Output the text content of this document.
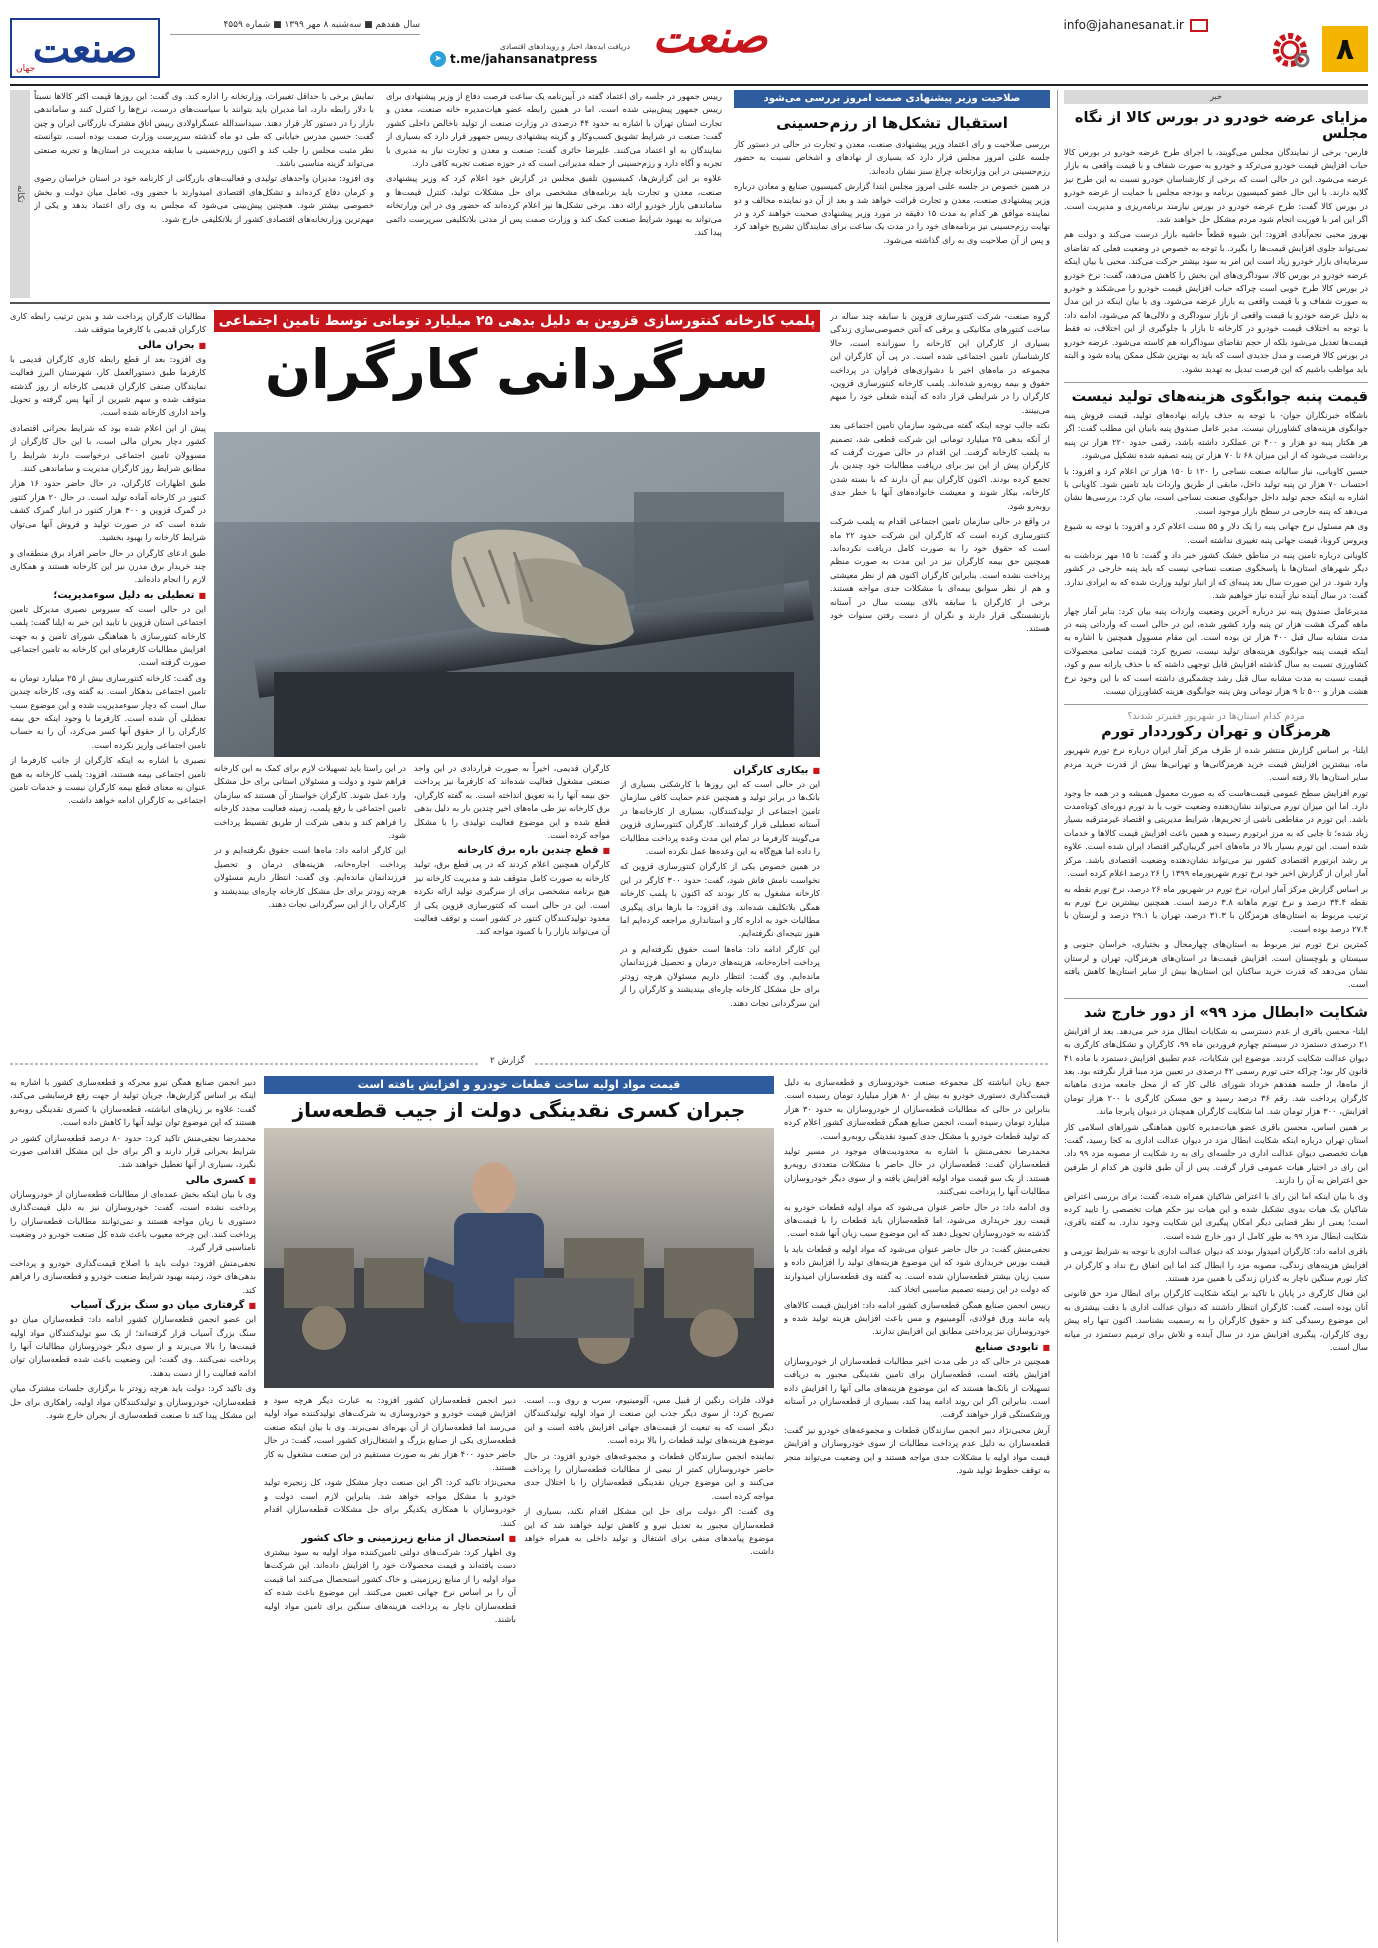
۸
info@jahanesanat.ir
صنعت
دریافت ایده‌ها، اخبار و رویدادهای اقتصادی
t.me/jahansanatpress
➤
سال هفدهم ■ سه‌شنبه ۸ مهر ۱۳۹۹ ■ شماره ۴۵۵۹
صنعت
جهان
خبر
مزایای عرضه خودرو در بورس کالا از نگاه مجلس

فارس- برخی از نمایندگان مجلس می‌گویند، با اجرای طرح عرضه خودرو در بورس کالا حباب افزایش قیمت خودرو می‌ترکد و خودرو به صورت شفاف و با قیمت واقعی به بازار عرضه می‌شود. این در حالی است که برخی از کارشناسان خودرو نسبت به این طرح نیز گلایه دارند. با این حال عضو کمیسیون برنامه و بودجه مجلس با حمایت از عرضه خودرو در بورس کالا گفت: طرح عرضه خودرو در بورس نیازمند برنامه‌ریزی و مدیریت است. اگر این امر با فوریت انجام شود مردم مشکل حل خواهند شد.

بهروز محبی نجم‌آبادی افزود: این شیوه قطعاً حاشیه بازار درست می‌کند و دولت هم نمی‌تواند جلوی افزایش قیمت‌ها را بگیرد. با توجه به خصوص در وضعیت فعلی که تقاضای سرمایه‌ای بازار خودرو زیاد است این امر به سود بیشتر حرکت می‌کند. محبی با بیان اینکه عرضه خودرو در بورس کالا، سوداگری‌های این بخش را کاهش می‌دهد، گفت: نرخ خودرو در بورس کالا طرح خوبی است چراکه حباب افزایش قیمت خودرو را می‌شکند و خودرو به صورت شفاف و با قیمت واقعی به بازار عرضه می‌شود. وی با بیان اینکه در این مدل به دلیل عرضه خودرو با قیمت واقعی از بازار سوداگری و دلالی‌ها کم می‌شود، ادامه داد: با توجه به اختلاف قیمت خودرو در کارخانه تا بازار با جلوگیری از این اختلاف، نه فقط قیمت‌ها تعدیل می‌شود بلکه از حجم تقاضای سوداگرانه هم کاسته می‌شود. عرضه خودرو در بورس کالا فرصت و مدل جدیدی است که باید به بهترین شکل ممکن پیاده شود و البته باید مواظب باشیم که این فرصت تبدیل به تهدید نشود.

قیمت پنبه جوابگوی هزینه‌های تولید نیست

باشگاه خبرنگاران جوان- با توجه به حذف یارانه نهاده‌های تولید، قیمت فروش پنبه جوابگوی هزینه‌های کشاورزان نیست. مدیر عامل صندوق پنبه بابیان این مطلب گفت: اگر هر هکتار پنبه دو هزار و ۴۰۰ تن عملکرد داشته باشد، رقمی حدود ۲۲۰ هزار تن پنبه برداشت می‌شود که از این میزان ۶۸ تا ۷۰ هزار تن پنبه تصفیه شده تشکیل می‌شود.

حسین کاویانی، نیاز سالیانه صنعت نساجی را ۱۲۰ تا ۱۵۰ هزار تن اعلام کرد و افزود: با احتساب ۷۰ هزار تن پنبه تولید داخل، مابقی از طریق واردات باید تامین شود. کاویانی با اشاره به اینکه حجم تولید داخل جوابگوی صنعت نساجی است، بیان کرد: بررسی‌ها نشان می‌دهد که پنبه خارجی در سطح بازار موجود است.

وی هم مسئول نرخ جهانی پنبه را یک دلار و ۵۵ سنت اعلام کرد و افزود: با توجه به شیوع ویروس کرونا، قیمت جهانی پنبه تغییری نداشته است.

کاویانی درباره تامین پنبه در مناطق خشک کشور خبر داد و گفت: تا ۱۵ مهر برداشت به دیگر شهرهای استان‌ها با پاسخگوی صنعت نساجی نیست که باید پنبه خارجی در کشور وارد شود. در این صورت سال بعد پنبه‌ای که از انبار تولید وزارت شده که به ایرادی ندارد. گفت: در سال آینده نیاز آینده نیاز خواهیم شد.

مدیرعامل صندوق پنبه نیز درباره آخرین وضعیت واردات پنبه بیان کرد: بنابر آمار چهار ماهه گمرک هشت هزار تن پنبه وارد کشور شده، این در حالی است که وارداتی پنبه در مدت مشابه سال قبل ۴۰۰ هزار تن بوده است. این مقام مسوول همچنین با اشاره به اینکه قیمت پنبه جوابگوی هزینه‌های تولید نیست، تصریح کرد: قیمت تمامی محصولات کشاورزی نسبت به سال گذشته افزایش قابل توجهی داشته که با حذف یارانه سم و کود، قیمت نسبت به مدت مشابه سال قبل رشد چشمگیری داشته است که با این وجود نرخ هشت هزار و ۵۰۰ تا ۹ هزار تومانی وش پنبه جوابگوی هزینه کشاورزان نیست.

مردم کدام استان‌ها در شهریور فقیرتر شدند؟
هرمزگان و تهران رکورددار تورم

ایلنا- بر اساس گزارش منتشر شده از طرف مرکز آمار ایران درباره نرخ تورم شهریور ماه، بیشترین افزایش قیمت خرید هرمزگانی‌ها و تهرانی‌ها بیش از قدرت خرید مردم سایر استان‌ها بالا رفته است.

تورم افزایش سطح عمومی قیمت‌هاست که به صورت معمول همیشه و در همه جا وجود دارد. اما این میزان تورم می‌تواند نشان‌دهنده وضعیت خوب یا بد تورم دوره‌ای کوتاه‌مدت باشد. این تورم در مقاطعی ناشی از تحریم‌ها، شرایط مدیریتی و اقتصاد غیرمترقبه بسیار زیاد شده؛ تا جایی که به مرز ابرتورم رسیده و همین باعث افزایش قیمت کالاها و خدمات شده است. این تورم بسیار بالا در ماه‌های اخیر گریبان‌گیر اقتصاد ایران شده است. علاوه بر رشد ابرتورم اقتصادی کشور نیز می‌تواند نشان‌دهنده وضعیت اقتصادی باشد. مرکز آمار ایران از گزارش اخیر خود نرخ تورم شهریورماه ۱۳۹۹ را ۲۶ درصد اعلام کرده است.

بر اساس گزارش مرکز آمار ایران، نرخ تورم در شهریور ماه ۲۶ درصد، نرخ تورم نقطه به نقطه ۳۴.۴ درصد و نرخ تورم ماهانه ۳.۸ درصد است. همچنین بیشترین نرخ تورم به ترتیب مربوط به استان‌های هرمزگان با ۳۱.۳ درصد، تهران با ۲۹.۱ درصد و لرستان با ۲۷.۴ درصد بوده است.

کمترین نرخ تورم نیز مربوط به استان‌های چهارمحال و بختیاری، خراسان جنوبی و سیستان و بلوچستان است. افزایش قیمت‌ها در استان‌های هرمزگان، تهران و لرستان نشان می‌دهد که قدرت خرید ساکنان این استان‌ها بیش از سایر استان‌ها کاهش یافته است.

شکایت «ابطال مزد ۹۹» از دور خارج شد

ایلنا- محسن باقری از عدم دسترسی به شکایات ابطال مزد خبر می‌دهد. بعد از افزایش ۲۱ درصدی دستمزد در سیستم چهارم فروردین ماه ۹۹، کارگران و تشکل‌های کارگری به دیوان عدالت شکایت کردند. موضوع این شکایات، عدم تطبیق افزایش دستمزد با ماده ۴۱ قانون کار بود؛ چراکه حتی تورم رسمی ۴۲ درصدی در تعیین مزد مبنا قرار نگرفته بود. بعد از ماه‌ها، از جلسه هفدهم خرداد شورای عالی کار که از محل جامعه مزدی ماهیانه کارگران پرداخت شد. رقم ۳۶ درصد رسید و حق مسکن کارگری با ۲۰۰ هزار تومان افزایش، ۳۰۰ هزار تومان شد. اما شکایت کارگران همچنان در دیوان پابرجا ماند.

بر همین اساس، محسن باقری عضو هیات‌مدیره کانون هماهنگی شوراهای اسلامی کار استان تهران درباره اینکه شکایت ابطال مزد در دیوان عدالت اداری به کجا رسید، گفت: هیات تخصصی دیوان عدالت اداری در جلسه‌ای رای به رد شکایت از مصوبه مزد ۹۹ داد. این رای در اختیار هیات عمومی قرار گرفت. پس از آن طبق قانون هر کدام از طرفین حق اعتراض به آن را دارند.

وی با بیان اینکه اما این رای با اعتراض شاکیان همراه شده، گفت: برای بررسی اعتراض شاکیان یک هیات بدوی تشکیل شده و این هیات نیز حکم هیات تخصصی را تایید کرده است؛ یعنی از نظر قضایی دیگر امکان پیگیری این شکایت وجود ندارد. به گفته باقری، شکایت ابطال مزد ۹۹ به طور کامل از دور خارج شده است.

باقری ادامه داد: کارگران امیدوار بودند که دیوان عدالت اداری با توجه به شرایط تورمی و افزایش هزینه‌های زندگی، مصوبه مزد را ابطال کند اما این اتفاق رخ نداد و کارگران در کنار تورم سنگین ناچار به گذران زندگی با همین مزد هستند.

این فعال کارگری در پایان با تاکید بر اینکه شکایت کارگران برای ابطال مزد حق قانونی آنان بوده است، گفت: کارگران انتظار داشتند که دیوان عدالت اداری با دقت بیشتری به این موضوع رسیدگی کند و حقوق کارگران را به رسمیت بشناسد. اکنون تنها راه پیش روی کارگران، پیگیری افزایش مزد در سال آینده و تلاش برای ترمیم دستمزد در میانه سال است.

صلاحیت وزیر پیشنهادی صمت امروز بررسی می‌شود
استقبال تشکل‌ها از رزم‌حسینی

بررسی صلاحیت و رای اعتماد وزیر پیشنهادی صنعت، معدن و تجارت در حالی در دستور کار جلسه علنی امروز مجلس قرار دارد که بسیاری از نهادهای و اشخاص نسبت به حضور رزم‌حسینی در این وزارتخانه چراغ سبز نشان داده‌اند.

در همین خصوص در جلسه علنی امروز مجلس ابتدا گزارش کمیسیون صنایع و معادن درباره وزیر پیشنهادی صنعت، معدن و تجارت قرائت خواهد شد و بعد از آن دو نماینده مخالف و دو نماینده موافق هر کدام به مدت ۱۵ دقیقه در مورد وزیر پیشنهادی صحبت خواهند کرد و در نهایت رزم‌حسینی نیز برنامه‌های خود را در مدت یک ساعت برای نمایندگان تشریح خواهد کرد و پس از آن صلاحیت وی به رای گذاشته می‌شود.

رییس جمهور در جلسه رای اعتماد گفته در آیین‌نامه یک ساعت فرصت دفاع از وزیر پیشنهادی برای رییس جمهور پیش‌بینی شده است. اما در همین رابطه عضو هیات‌مدیره خانه صنعت، معدن و تجارت استان تهران با اشاره به حدود ۴۴ درصدی در وزارت صنعت از تولید ناخالص داخلی کشور گفت: صنعت در شرایط تشویق کسب‌وکار و گزینه پیشنهادی رییس جمهور قرار دارد که بسیاری از نمایندگان به او اعتماد می‌کنند. علیرضا حائری گفت: صنعت و معدن و تجارت نیاز به مدیری با تجربه و آگاه دارد و رزم‌حسینی از جمله مدیرانی است که در حوزه صنعت تجربه کافی دارد.

علاوه بر این گزارش‌ها، کمیسیون تلفیق مجلس در گزارش خود اعلام کرد که وزیر پیشنهادی صنعت، معدن و تجارت باید برنامه‌های مشخصی برای حل مشکلات تولید، کنترل قیمت‌ها و ساماندهی بازار خودرو ارائه دهد. برخی تشکل‌ها نیز اعلام کرده‌اند که حضور وی در این وزارتخانه می‌تواند به بهبود شرایط صنعت کمک کند و وزارت صمت پس از مدتی بلاتکلیفی سرپرست دائمی پیدا کند.

نمایش برخی با حداقل تغییرات، وزارتخانه را اداره کند. وی گفت: این روزها قیمت اکثر کالاها نسبتاً با دلار رابطه دارد، اما مدیران باید بتوانند با سیاست‌های درست، نرخ‌ها را کنترل کنند و ساماندهی بازار را در دستور کار قرار دهند. سید‌اسدالله عسگراولادی رییس اتاق مشترک بازرگانی ایران و چین گفت: حسین مدرس خیابانی که طی دو ماه گذشته سرپرست وزارت صمت بوده است، نتوانسته نظر مثبت مجلس را جلب کند و اکنون رزم‌حسینی با سابقه مدیریت در استان‌ها و تجربه صنعتی می‌تواند گزینه مناسبی باشد.

وی افزود: مدیران واحدهای تولیدی و فعالیت‌های بازرگانی از کارنامه خود در استان خراسان رضوی و کرمان دفاع کرده‌اند و تشکل‌های اقتصادی امیدوارند با حضور وی، تعامل میان دولت و بخش خصوصی بیشتر شود. همچنین پیش‌بینی می‌شود که مجلس به وی رای اعتماد بدهد و یکی از مهم‌ترین وزارتخانه‌های اقتصادی کشور از بلاتکلیفی خارج شود.

تکانه
پلمب کارخانه کنتورسازی قزوین به دلیل بدهی ۲۵ میلیارد تومانی توسط تامین اجتماعی
سرگردانی کارگران
■ بیکاری کارگران

این در حالی است که این روزها با کارشکنی بسیاری از بانک‌ها در برابر تولید و همچنین عدم حمایت کافی سازمان تامین اجتماعی از تولیدکنندگان، بسیاری از کارخانه‌ها در آستانه تعطیلی قرار گرفته‌اند. کارگران کنتورسازی قزوین می‌گویند کارفرما در تمام این مدت وعده پرداخت مطالبات را داده اما هیچ‌گاه به این وعده‌ها عمل نکرده است.

در همین خصوص یکی از کارگران کنتورسازی قزوین که نخواست نامش فاش شود، گفت: حدود ۳۰۰ کارگر در این کارخانه مشغول به کار بودند که اکنون با پلمب کارخانه همگی بلاتکلیف شده‌اند. وی افزود: ما بارها برای پیگیری مطالبات خود به اداره کار و استانداری مراجعه کرده‌ایم اما هنوز نتیجه‌ای نگرفته‌ایم.

این کارگر ادامه داد: ماه‌ها است حقوق نگرفته‌ایم و در پرداخت اجاره‌خانه، هزینه‌های درمان و تحصیل فرزندانمان مانده‌ایم. وی گفت: انتظار داریم مسئولان هرچه زودتر برای حل مشکل کارخانه چاره‌ای بیندیشند و کارگران را از این سرگردانی نجات دهند.

کارگران قدیمی، اخیراً به صورت قراردادی در این واحد صنعتی مشغول فعالیت شده‌اند که کارفرما نیز پرداخت حق بیمه آنها را به تعویق انداخته است. به گفته کارگران، برق کارخانه نیز طی ماه‌های اخیر چندین بار به دلیل بدهی قطع شده و این موضوع فعالیت تولیدی را با مشکل مواجه کرده است.

■ قطع چندین باره برق کارخانه

کارگران همچنین اعلام کردند که در پی قطع برق، تولید کارخانه به صورت کامل متوقف شد و مدیریت کارخانه نیز هیچ برنامه مشخصی برای از سرگیری تولید ارائه نکرده است. این در حالی است که کنتورسازی قزوین یکی از معدود تولیدکنندگان کنتور در کشور است و توقف فعالیت آن می‌تواند بازار را با کمبود مواجه کند.

در این راستا باید تسهیلات لازم برای کمک به این کارخانه فراهم شود و دولت و مسئولان استانی برای حل مشکل وارد عمل شوند. کارگران خواستار آن هستند که سازمان تامین اجتماعی با رفع پلمب، زمینه فعالیت مجدد کارخانه را فراهم کند و بدهی شرکت از طریق تقسیط پرداخت شود.

این کارگر ادامه داد: ماه‌ها است حقوق نگرفته‌ایم و در پرداخت اجاره‌خانه، هزینه‌های درمان و تحصیل فرزندانمان مانده‌ایم. وی گفت: انتظار داریم مسئولان هرچه زودتر برای حل مشکل کارخانه چاره‌ای بیندیشند و کارگران را از این سرگردانی نجات دهند.

گروه صنعت- شرکت کنتورسازی قزوین با سابقه چند ساله در ساخت کنتورهای مکانیکی و برقی که آنتن خصوصی‌سازی زندگی بسیاری از کارگران این کارخانه را سوزانده است، حالا کارشناسان تامین اجتماعی شده است. در پی آن کارگران این مجموعه در ماه‌های اخیر با دشواری‌های فراوان در پرداخت حقوق و بیمه روبه‌رو شده‌اند. پلمب کارخانه کنتورسازی قزوین، کارگران را در شرایطی قرار داده که آینده شغلی خود را مبهم می‌بینند.

نکته جالب توجه اینکه گفته می‌شود سازمان تامین اجتماعی بعد از آنکه بدهی ۲۵ میلیارد تومانی این شرکت قطعی شد، تصمیم به پلمب کارخانه گرفت. این اقدام در حالی صورت گرفت که کارگران پیش از این نیز برای دریافت مطالبات خود چندین بار تجمع کرده بودند. اکنون کارگران بیم آن دارند که با بسته شدن کارخانه، بیکار شوند و معیشت خانواده‌های آنها با خطر جدی روبه‌رو شود.

در واقع در حالی سازمان تامین اجتماعی اقدام به پلمب شرکت کنتورسازی کرده است که کارگران این شرکت حدود ۲۲ ماه است که حقوق خود را به صورت کامل دریافت نکرده‌اند. همچنین حق بیمه کارگران نیز در این مدت به صورت منظم پرداخت نشده است. بنابراین کارگران اکنون هم از نظر معیشتی و هم از نظر سوابق بیمه‌ای با مشکلات جدی مواجه هستند. برخی از کارگران با سابقه بالای بیست سال در آستانه بازنشستگی قرار دارند و نگران از دست رفتن سنوات خود هستند.

مطالبات کارگران پرداخت شد و بدین ترتیب رابطه کاری کارگران قدیمی با کارفرما متوقف شد.

■ بحران مالی

وی افزود: بعد از قطع رابطه کاری کارگران قدیمی با کارفرما طبق دستورالعمل کار، شهرستان البرز فعالیت نمایندگان صنفی کارگران قدیمی کارخانه از روز گذشته متوقف شده و سهم شیرین از آنها پس گرفته و تحویل واحد اداری کارخانه شده است.

پیش از این اعلام شده بود که شرایط بحرانی اقتصادی کشور دچار بحران مالی است، با این حال کارگران از مسوولان تامین اجتماعی درخواست دارند شرایط را مطابق شرایط روز کارگران مدیریت و ساماندهی کنند.

طبق اظهارات کارگران، در حال حاضر حدود ۱۶ هزار کنتور در کارخانه آماده تولید است. در حال ۲۰ هزار کنتور در گمرک قزوین و ۳۰۰ هزار کنتور در انبار گمرک کشف شده است که در صورت تولید و فروش آنها می‌توان شرایط کارخانه را بهبود بخشید.

طبق ادعای کارگران در حال حاضر افراد برق منطقه‌ای و چند خریدار برق مدرن نیز این کارخانه هستند و همکاری لازم را انجام داده‌اند.

■ تعطیلی به دلیل سوءمدیریت؛

این در حالی است که سیروس نصیری مدیرکل تامین اجتماعی استان قزوین با تایید این خبر به ایلنا گفت: پلمب کارخانه کنتورسازی با هماهنگی شورای تامین و به جهت افزایش مطالبات کارفرمای این کارخانه به تامین اجتماعی صورت گرفته است.

وی گفت: کارخانه کنتورسازی بیش از ۲۵ میلیارد تومان به تامین اجتماعی بدهکار است. به گفته وی، کارخانه چندین سال است که دچار سوءمدیریت شده و این موضوع سبب تعطیلی آن شده است. کارفرما با وجود اینکه حق بیمه کارگران را از حقوق آنها کسر می‌کرد، آن را به حساب تامین اجتماعی واریز نکرده است.

نصیری با اشاره به اینکه کارگران از جانب کارفرما از تامین اجتماعی بیمه هستند، افزود: پلمب کارخانه به هیچ عنوان به معنای قطع بیمه کارگران نیست و خدمات تامین اجتماعی به کارگران ادامه خواهد داشت.

گزارش ۲
قیمت مواد اولیه ساخت قطعات خودرو و افزایش یافته است
جبران کسری نقدینگی دولت از جیب قطعه‌ساز

جمع زیان انباشته کل مجموعه صنعت خودروسازی و قطعه‌سازی به دلیل قیمت‌گذاری دستوری خودرو به بیش از ۸۰ هزار میلیارد تومان رسیده است. بنابراین در حالی که مطالبات قطعه‌سازان از خودروسازان به حدود ۳۰ هزار میلیارد تومان رسیده است، انجمن صنایع همگن قطعه‌سازی کشور اعلام کرده که تولید قطعات خودرو با مشکل جدی کمبود نقدینگی روبه‌رو است.

محمدرضا نجفی‌منش با اشاره به محدودیت‌های موجود در مسیر تولید قطعه‌سازان گفت: قطعه‌سازان در حال حاضر با مشکلات متعددی روبه‌رو هستند. از یک سو قیمت مواد اولیه افزایش یافته و از سوی دیگر خودروسازان مطالبات آنها را پرداخت نمی‌کنند.

وی ادامه داد: در حال حاضر عنوان می‌شود که مواد اولیه قطعات خودرو به قیمت روز خریداری می‌شود، اما قطعه‌سازان باید قطعات را با قیمت‌های گذشته به خودروسازان تحویل دهند که این موضوع سبب زیان آنها شده است.

نجفی‌منش گفت: در حال حاضر عنوان می‌شود که مواد اولیه و قطعات باید با قیمت بورس خریداری شود که این موضوع هزینه‌های تولید را افزایش داده و سبب زیان بیشتر قطعه‌سازان شده است. به گفته وی قطعه‌سازان امیدوارند که دولت در این زمینه تصمیم مناسبی اتخاذ کند.

رییس انجمن صنایع همگن قطعه‌سازی کشور ادامه داد: افزایش قیمت کالاهای پایه مانند ورق فولادی، آلومینیوم و مس باعث افزایش هزینه تولید شده و خودروسازان نیز پرداختی مطابق این افزایش ندارند.

■ تابودی صنایع

همچنین در حالی که در طی مدت اخیر مطالبات قطعه‌سازان از خودروسازان افزایش یافته است، قطعه‌سازان برای تامین نقدینگی مجبور به دریافت تسهیلات از بانک‌ها هستند که این موضوع هزینه‌های مالی آنها را افزایش داده است. بنابراین اگر این روند ادامه پیدا کند، بسیاری از قطعه‌سازان در آستانه ورشکستگی قرار خواهند گرفت.

آرش محبی‌نژاد دبیر انجمن سازندگان قطعات و مجموعه‌های خودرو نیز گفت: قطعه‌سازان به دلیل عدم پرداخت مطالبات از سوی خودروسازان و افزایش قیمت مواد اولیه با مشکلات جدی مواجه هستند و این وضعیت می‌تواند منجر به توقف خطوط تولید شود.

فولاد، فلزات رنگین از قبیل مس، آلومینیوم، سرب و روی و... است. تصریح کرد: از سوی دیگر جذب این صنعت از مواد اولیه تولیدکنندگان دیگر است که به تبعیت از قیمت‌های جهانی افزایش یافته است و این موضوع هزینه‌های تولید قطعات را بالا برده است.

نماینده انجمن سازندگان قطعات و مجموعه‌های خودرو افزود: در حال حاضر خودروسازان کمتر از نیمی از مطالبات قطعه‌سازان را پرداخت می‌کنند و این موضوع جریان نقدینگی قطعه‌سازان را با اختلال جدی مواجه کرده است.

وی گفت: اگر دولت برای حل این مشکل اقدام نکند، بسیاری از قطعه‌سازان مجبور به تعدیل نیرو و کاهش تولید خواهند شد که این موضوع پیامدهای منفی برای اشتغال و تولید داخلی به همراه خواهد داشت.

دبیر انجمن قطعه‌سازان کشور افزود: به عبارت دیگر هرچه سود و افزایش قیمت خودرو و خودروسازی به شرکت‌های تولیدکننده مواد اولیه می‌رسد اما قطعه‌سازان از آن بهره‌ای نمی‌برند. وی با بیان اینکه صنعت قطعه‌سازی یکی از صنایع بزرگ و اشتغال‌زای کشور است، گفت: در حال حاضر حدود ۴۰۰ هزار نفر به صورت مستقیم در این صنعت مشغول به کار هستند.

محبی‌نژاد تاکید کرد: اگر این صنعت دچار مشکل شود، کل زنجیره تولید خودرو با مشکل مواجه خواهد شد. بنابراین لازم است دولت و خودروسازان با همکاری یکدیگر برای حل مشکلات قطعه‌سازان اقدام کنند.

■ استحصال از منابع زیرزمینی و خاک کشور

وی اظهار کرد: شرکت‌های دولتی تامین‌کننده مواد اولیه به سود بیشتری دست یافته‌اند و قیمت محصولات خود را افزایش داده‌اند. این شرکت‌ها مواد اولیه را از منابع زیرزمینی و خاک کشور استحصال می‌کنند اما قیمت آن را بر اساس نرخ جهانی تعیین می‌کنند. این موضوع باعث شده که قطعه‌سازان ناچار به پرداخت هزینه‌های سنگین برای تامین مواد اولیه باشند.

دبیر انجمن صنایع همگن نیرو محرکه و قطعه‌سازی کشور با اشاره به اینکه بر اساس گزارش‌ها، جریان تولید از جهت رفع فرسایشی می‌کند، گفت: علاوه بر زیان‌های انباشته، قطعه‌سازان با کسری نقدینگی روبه‌رو هستند که این موضوع توان تولید آنها را کاهش داده است.

محمدرضا نجفی‌منش تاکید کرد: حدود ۸۰ درصد قطعه‌سازان کشور در شرایط بحرانی قرار دارند و اگر برای حل این مشکل اقدامی صورت نگیرد، بسیاری از آنها تعطیل خواهند شد.

■ کسری مالی

وی با بیان اینکه بخش عمده‌ای از مطالبات قطعه‌سازان از خودروسازان پرداخت نشده است، گفت: خودروسازان نیز به دلیل قیمت‌گذاری دستوری با زیان مواجه هستند و نمی‌توانند مطالبات قطعه‌سازان را پرداخت کنند. این چرخه معیوب باعث شده کل صنعت خودرو در وضعیت نامناسبی قرار گیرد.

نجفی‌منش افزود: دولت باید با اصلاح قیمت‌گذاری خودرو و پرداخت بدهی‌های خود، زمینه بهبود شرایط صنعت خودرو و قطعه‌سازی را فراهم کند.

■ گرفتاری میان دو سنگ بزرگ آسیاب

این عضو انجمن قطعه‌سازان کشور ادامه داد: قطعه‌سازان میان دو سنگ بزرگ آسیاب قرار گرفته‌اند؛ از یک سو تولیدکنندگان مواد اولیه قیمت‌ها را بالا می‌برند و از سوی دیگر خودروسازان مطالبات آنها را پرداخت نمی‌کنند. وی گفت: این وضعیت باعث شده قطعه‌سازان توان ادامه فعالیت را از دست بدهند.

وی تاکید کرد: دولت باید هرچه زودتر با برگزاری جلسات مشترک میان قطعه‌سازان، خودروسازان و تولیدکنندگان مواد اولیه، راهکاری برای حل این مشکل پیدا کند تا صنعت قطعه‌سازی از بحران خارج شود.
